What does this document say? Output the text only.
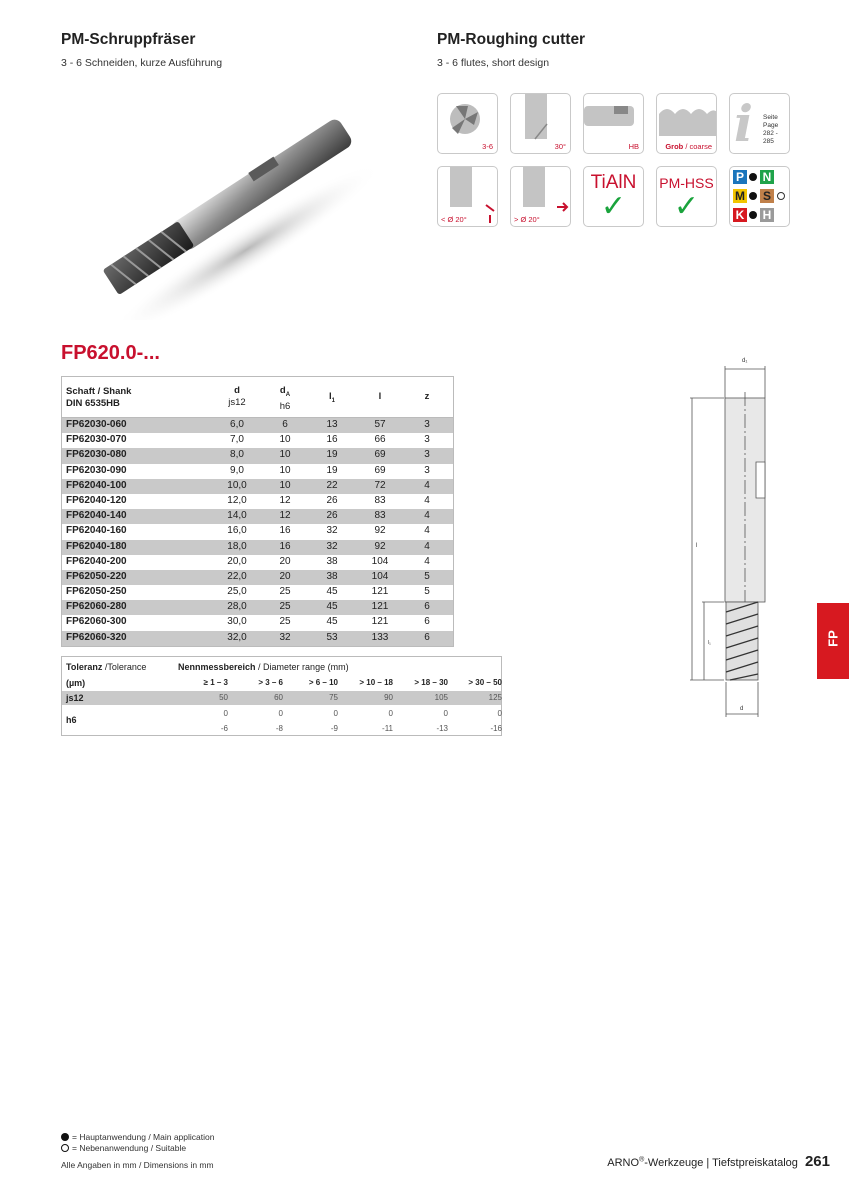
PM-Schruppfräser
3 - 6 Schneiden, kurze Ausführung
PM-Roughing cutter
3 - 6 flutes, short design
3-6	30°	HB	Grob / coarse i Seite Page
282 - 285
< Ø 20°	> Ø 20°
TiAlN
✓
PM-HSS
✓
P N
M S
K H
FP620.0-...
Schaft / Shank
DIN 6535HB
d
js12
$d_A$
h6
$l_1$	l	z
FP62030-060	6,0	6	13	57	3
FP62030-070	7,0	10	16	66	3
FP62030-080	8,0	10	19	69	3
FP62030-090	9,0	10	19	69	3
FP62040-100	10,0	10	22	72	4
FP62040-120	12,0	12	26	83	4
FP62040-140	14,0	12	26	83	4
FP62040-160	16,0	16	32	92	4
FP62040-180	18,0	16	32	92	4
FP62040-200	20,0	20	38	104	4
FP62050-220	22,0	20	38	104	5
FP62050-250	25,0	25	45	121	5
FP62060-280	28,0	25	45	121	6
FP62060-300	30,0	25	45	121	6
FP62060-320	32,0	32	53	133	6
Toleranz /Tolerance	Nennmessbereich / Diameter range (mm)
(µm)	≥ 1 – 3	> 3 – 6	> 6 – 10	> 10 – 18	> 18 – 30	> 30 – 50
js12	50	60	75	90	105	125
h6
0	0	0	0	0	0
-6	-8	-9	-11	-13	-16
d₁
l
l₁
d
FP
= Hauptanwendung / Main application
= Nebenanwendung / Suitable
Alle Angaben in mm / Dimensions in mm	ARNO®-Werkzeuge | Tiefstpreiskatalog 261
